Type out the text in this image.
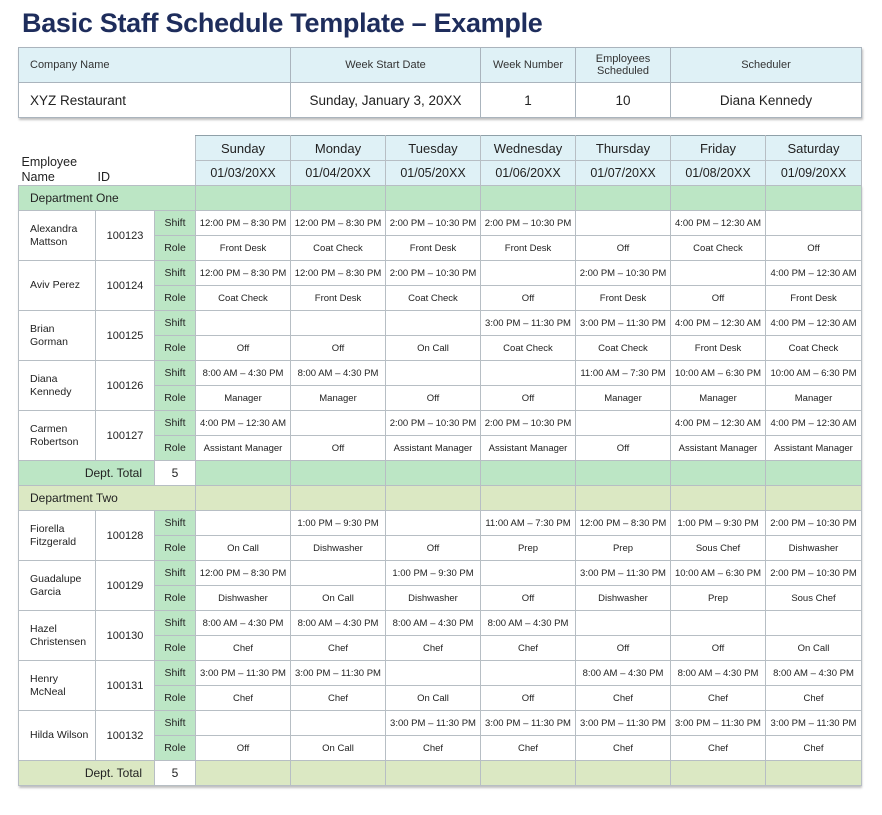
Basic Staff Schedule Template – Example
Company Name	Week Start Date	Week Number	Employees Scheduled	Scheduler
XYZ Restaurant	Sunday, January 3, 20XX	1	10	Diana Kennedy
Employee Name	ID		Sunday	Monday	Tuesday	Wednesday	Thursday	Friday	Saturday
			01/03/20XX	01/04/20XX	01/05/20XX	01/06/20XX	01/07/20XX	01/08/20XX	01/09/20XX
Department One									
Alexandra Mattson	100123	Shift	12:00 PM – 8:30 PM	12:00 PM – 8:30 PM	2:00 PM – 10:30 PM	2:00 PM – 10:30 PM		4:00 PM – 12:30 AM	
		Role	Front Desk	Coat Check	Front Desk	Front Desk	Off	Coat Check	Off
Aviv Perez	100124	Shift	12:00 PM – 8:30 PM	12:00 PM – 8:30 PM	2:00 PM – 10:30 PM		2:00 PM – 10:30 PM		4:00 PM – 12:30 AM
		Role	Coat Check	Front Desk	Coat Check	Off	Front Desk	Off	Front Desk
Brian Gorman	100125	Shift				3:00 PM – 11:30 PM	3:00 PM – 11:30 PM	4:00 PM – 12:30 AM	4:00 PM – 12:30 AM
		Role	Off	Off	On Call	Coat Check	Coat Check	Front Desk	Coat Check
Diana Kennedy	100126	Shift	8:00 AM – 4:30 PM	8:00 AM – 4:30 PM			11:00 AM – 7:30 PM	10:00 AM – 6:30 PM	10:00 AM – 6:30 PM
		Role	Manager	Manager	Off	Off	Manager	Manager	Manager
Carmen Robertson	100127	Shift	4:00 PM – 12:30 AM		2:00 PM – 10:30 PM	2:00 PM – 10:30 PM		4:00 PM – 12:30 AM	4:00 PM – 12:30 AM
		Role	Assistant Manager	Off	Assistant Manager	Assistant Manager	Off	Assistant Manager	Assistant Manager
Dept. Total		5							
Department Two									
Fiorella Fitzgerald	100128	Shift		1:00 PM – 9:30 PM		11:00 AM – 7:30 PM	12:00 PM – 8:30 PM	1:00 PM – 9:30 PM	2:00 PM – 10:30 PM
		Role	On Call	Dishwasher	Off	Prep	Prep	Sous Chef	Dishwasher
Guadalupe Garcia	100129	Shift	12:00 PM – 8:30 PM		1:00 PM – 9:30 PM		3:00 PM – 11:30 PM	10:00 AM – 6:30 PM	2:00 PM – 10:30 PM
		Role	Dishwasher	On Call	Dishwasher	Off	Dishwasher	Prep	Sous Chef
Hazel Christensen	100130	Shift	8:00 AM – 4:30 PM	8:00 AM – 4:30 PM	8:00 AM – 4:30 PM	8:00 AM – 4:30 PM			
		Role	Chef	Chef	Chef	Chef	Off	Off	On Call
Henry McNeal	100131	Shift	3:00 PM – 11:30 PM	3:00 PM – 11:30 PM			8:00 AM – 4:30 PM	8:00 AM – 4:30 PM	8:00 AM – 4:30 PM
		Role	Chef	Chef	On Call	Off	Chef	Chef	Chef
Hilda Wilson	100132	Shift			3:00 PM – 11:30 PM	3:00 PM – 11:30 PM	3:00 PM – 11:30 PM	3:00 PM – 11:30 PM	3:00 PM – 11:30 PM
		Role	Off	On Call	Chef	Chef	Chef	Chef	Chef
Dept. Total		5							
